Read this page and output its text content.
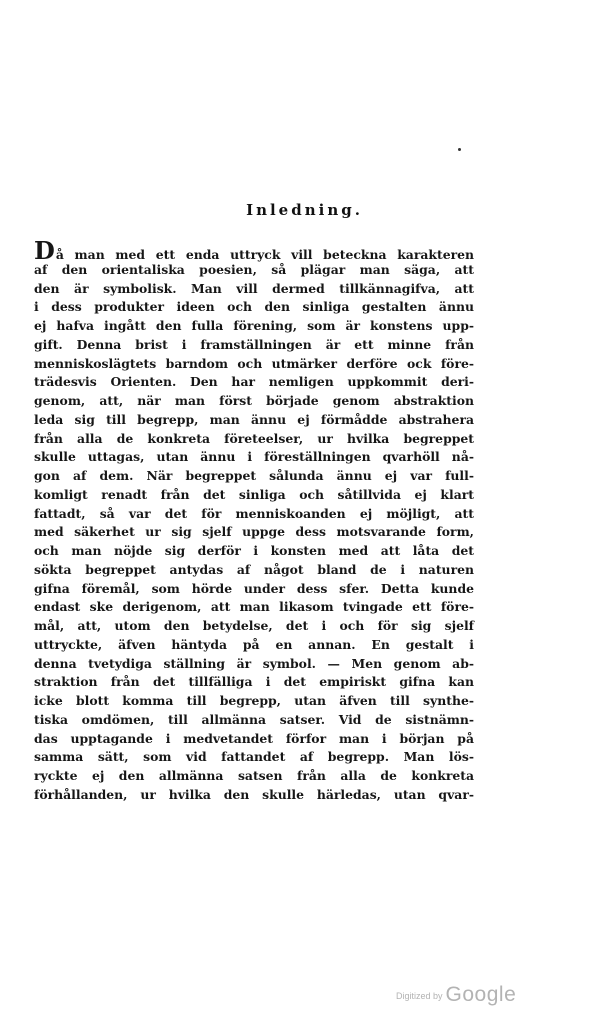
Inledning.
D å man med ett enda uttryck vill beteckna karakteren
af den orientaliska poesien, så plägar man säga, att
den är symbolisk. Man vill dermed tillkännagifva, att
i dess produkter ideen och den sinliga gestalten ännu
ej hafva ingått den fulla förening, som är konstens upp-
gift. Denna brist i framställningen är ett minne från
menniskoslägtets barndom och utmärker derföre ock före-
trädesvis Orienten. Den har nemligen uppkommit deri-
genom, att, när man först började genom abstraktion
leda sig till begrepp, man ännu ej förmådde abstrahera
från alla de konkreta företeelser, ur hvilka begreppet
skulle uttagas, utan ännu i föreställningen qvarhöll nå-
gon af dem. När begreppet sålunda ännu ej var full-
komligt renadt från det sinliga och såtillvida ej klart
fattadt, så var det för menniskoanden ej möjligt, att
med säkerhet ur sig sjelf uppge dess motsvarande form,
och man nöjde sig derför i konsten med att låta det
sökta begreppet antydas af något bland de i naturen
gifna föremål, som hörde under dess sfer. Detta kunde
endast ske derigenom, att man likasom tvingade ett före-
mål, att, utom den betydelse, det i och för sig sjelf
uttryckte, äfven häntyda på en annan. En gestalt i
denna tvetydiga ställning är symbol. — Men genom ab-
straktion från det tillfälliga i det empiriskt gifna kan
icke blott komma till begrepp, utan äfven till synthe-
tiska omdömen, till allmänna satser. Vid de sistnämn-
das upptagande i medvetandet förfor man i början på
samma sätt, som vid fattandet af begrepp. Man lös-
ryckte ej den allmänna satsen från alla de konkreta
förhållanden, ur hvilka den skulle härledas, utan qvar-
Digitized by Google
